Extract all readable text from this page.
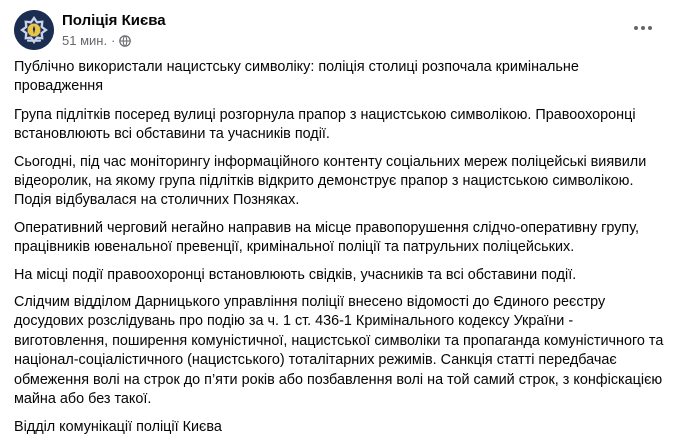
Поліція Києва
51 мин. ·

Публічно використали нацистську символіку: поліція столиці розпочала кримінальне провадження

Група підлітків посеред вулиці розгорнула прапор з нацистською символікою. Правоохоронці встановлюють всі обставини та учасників події.

Сьогодні, під час моніторингу інформаційного контенту соціальних мереж поліцейські виявили відеоролик, на якому група підлітків відкрито демонструє прапор з нацистською символікою. Подія відбувалася на столичних Позняках.

Оперативний черговий негайно направив на місце правопорушення слідчо-оперативну групу, працівників ювенальної превенції, кримінальної поліції та патрульних поліцейських.

На місці події правоохоронці встановлюють свідків, учасників та всі обставини події.

Слідчим відділом Дарницького управління поліції внесено відомості до Єдиного реєстру досудових розслідувань про подію за ч. 1 ст. 436-1 Кримінального кодексу України - виготовлення, поширення комуністичної, нацистської символіки та пропаганда комуністичного та націонал-соціалістичного (нацистського) тоталітарних режимів. Санкція статті передбачає обмеження волі на строк до п’яти років або позбавлення волі на той самий строк, з конфіскацією майна або без такої.

Відділ комунікації поліції Києва
